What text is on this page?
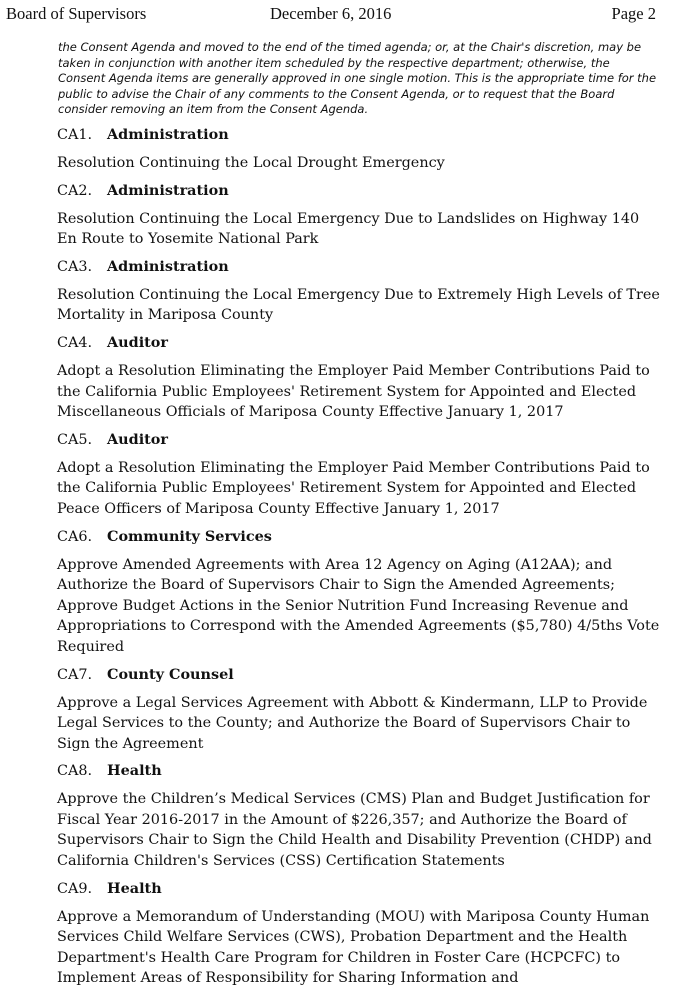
Board of Supervisors	December 6, 2016	Page 2
the Consent Agenda and moved to the end of the timed agenda; or, at the Chair's discretion, may be taken in conjunction with another item scheduled by the respective department; otherwise, the Consent Agenda items are generally approved in one single motion. This is the appropriate time for the public to advise the Chair of any comments to the Consent Agenda, or to request that the Board consider removing an item from the Consent Agenda.
CA1. Administration
Resolution Continuing the Local Drought Emergency
CA2. Administration
Resolution Continuing the Local Emergency Due to Landslides on Highway 140 En Route to Yosemite National Park
CA3. Administration
Resolution Continuing the Local Emergency Due to Extremely High Levels of Tree Mortality in Mariposa County
CA4. Auditor
Adopt a Resolution Eliminating the Employer Paid Member Contributions Paid to the California Public Employees' Retirement System for Appointed and Elected Miscellaneous Officials of Mariposa County Effective January 1, 2017
CA5. Auditor
Adopt a Resolution Eliminating the Employer Paid Member Contributions Paid to the California Public Employees' Retirement System for Appointed and Elected Peace Officers of Mariposa County Effective January 1, 2017
CA6. Community Services
Approve Amended Agreements with Area 12 Agency on Aging (A12AA); and Authorize the Board of Supervisors Chair to Sign the Amended Agreements; Approve Budget Actions in the Senior Nutrition Fund Increasing Revenue and Appropriations to Correspond with the Amended Agreements ($5,780) 4/5ths Vote Required
CA7. County Counsel
Approve a Legal Services Agreement with Abbott & Kindermann, LLP to Provide Legal Services to the County; and Authorize the Board of Supervisors Chair to Sign the Agreement
CA8. Health
Approve the Children’s Medical Services (CMS) Plan and Budget Justification for Fiscal Year 2016-2017 in the Amount of $226,357; and Authorize the Board of Supervisors Chair to Sign the Child Health and Disability Prevention (CHDP) and California Children's Services (CSS) Certification Statements
CA9. Health
Approve a Memorandum of Understanding (MOU) with Mariposa County Human Services Child Welfare Services (CWS), Probation Department and the Health Department's Health Care Program for Children in Foster Care (HCPCFC) to Implement Areas of Responsibility for Sharing Information and
